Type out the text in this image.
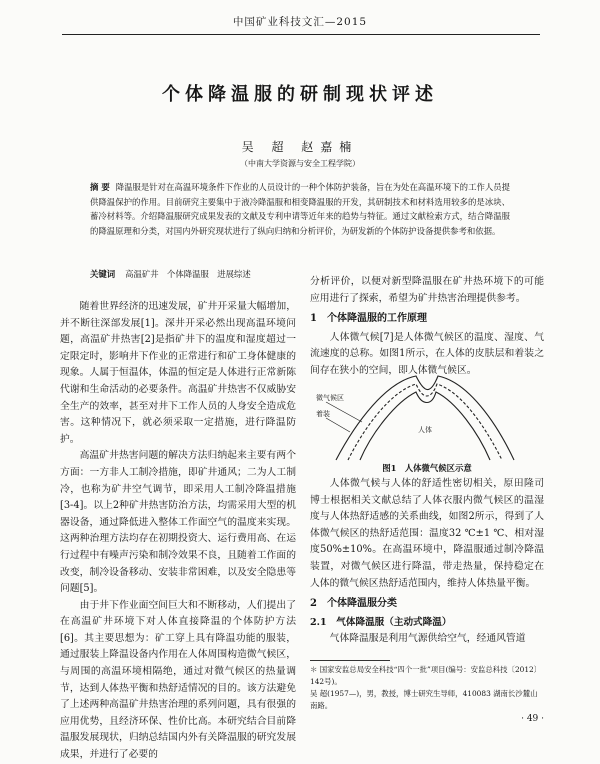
中国矿业科技文汇—2015
个体降温服的研制现状评述
吴 超 赵嘉楠
（中南大学资源与安全工程学院）
摘 要 降温服是针对在高温环境条件下作业的人员设计的一种个体防护装备，旨在为处在高温环境下的工作人员提供降温保护的作用。目前研究主要集中于液冷降温服和相变降温服的开发，其研制技术和材料选用较多的是冰块、蓄冷材料等。介绍降温服研究成果发表的文献及专利申请等近年来的趋势与特征。通过文献检索方式，结合降温服的降温原理和分类，对国内外研究现状进行了纵向归纳和分析评价，为研发新的个体防护设备提供参考和依据。
关键词 高温矿井　个体降温服　进展综述

随着世界经济的迅速发展，矿井开采量大幅增加，并不断往深部发展[1]。深井开采必然出现高温环境问题，高温矿井热害[2]是指矿井下的温度和湿度超过一定限定时，影响井下作业的正常进行和矿工身体健康的现象。人属于恒温体，体温的恒定是人体进行正常新陈代谢和生命活动的必要条件。高温矿井热害不仅威胁安全生产的效率，甚至对井下工作人员的人身安全造成危害。这种情况下，就必须采取一定措施，进行降温防护。

高温矿井热害问题的解决方法归纳起来主要有两个方面：一方非人工制冷措施，即矿井通风；二为人工制冷，也称为矿井空气调节，即采用人工制冷降温措施[3-4]。以上2种矿井热害防治方法，均需采用大型的机器设备，通过降低进入整体工作面空气的温度来实现。这两种治理方法均存在初期投资大、运行费用高、在运行过程中有噪声污染和制冷效果不良，且随着工作面的改变，制冷设备移动、安装非常困难，以及安全隐患等问题[5]。

由于井下作业面空间巨大和不断移动，人们提出了在高温矿井环境下对人体直接降温的个体防护方法[6]。其主要思想为：矿工穿上具有降温功能的服装，通过服装上降温设备内作用在人体周围构造微气候区，与周围的高温环境相隔绝，通过对微气候区的热量调节，达到人体热平衡和热舒适情况的目的。该方法避免了上述两种高温矿井热害治理的系列问题，具有很强的应用优势，且经济环保、性价比高。本研究结合目前降温服发展现状，归纳总结国内外有关降温服的研究发展成果，并进行了必要的

分析评价，以便对新型降温服在矿井热环境下的可能应用进行了探索，希望为矿井热害治理提供参考。

1　 个体降温服的工作原理

人体微气候[7]是人体微气候区的温度、湿度、气流速度的总称。如图1所示，在人体的皮肤层和着装之间存在狭小的空间，即人体微气候区。

微气候区
着装
人体
图1　人体微气候区示意

人体微气候与人体的舒适性密切相关，原田隆司博士根据相关文献总结了人体衣服内微气候区的温湿度与人体热舒适感的关系曲线，如图2所示，得到了人体微气候区的热舒适范围：温度32 ℃±1 ℃、相对湿度50%±10%。在高温环境中，降温服通过制冷降温装置，对微气候区进行降温，带走热量，保持稳定在人体的微气候区热舒适范围内，维持人体热量平衡。

2　 个体降温服分类
2.1　 气体降温服（主动式降温）

气体降温服是利用气源供给空气，经通风管道

＊ 国家安监总局安全科技“四个一批”项目(编号：安监总科技〔2012〕142号)。
吴 超(1957—)，男，教授，博士研究生导师，410083 湖南长沙麓山南路。
· 49 ·
